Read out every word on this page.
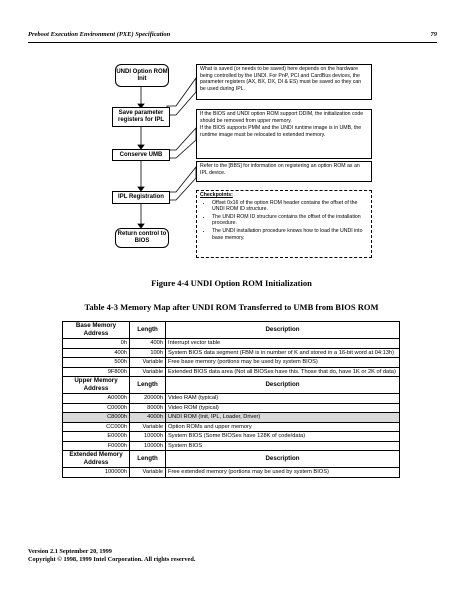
Preboot Execution Environment (PXE) Specification	79
UNDI Option ROM Init
Save parameter registers for IPL
Conserve UMB
IPL Registration
Return control to BIOS
What is saved (or needs to be saved) here depends on the hardware being controlled by the UNDI. For PnP, PCI and CardBus devices, the parameter registers (AX, BX, DX, DI & ES) must be saved so they can be used during IPL.
If the BIOS and UNDI option ROM support DDIM, the initialization code should be removed from upper memory.
If the BIOS supports PMM and the UNDI runtime image is in UMB, the runtime image must be relocated to extended memory.
Refer to the [BBS] for information on registering an option ROM as an IPL device.
Checkpoints:
• Offset 0x16 of the option ROM header contains the offset of the UNDI ROM ID structure.
• The UNDI ROM ID structure contains the offset of the installation procedure.
• The UNDI installation procedure knows how to load the UNDI into base memory.
Figure 4-4 UNDI Option ROM Initialization
Table 4-3 Memory Map after UNDI ROM Transferred to UMB from BIOS ROM
Base Memory Address	Length	Description
0h	400h	Interrupt vector table
400h	100h	System BIOS data segment (FBM is in number of K and stored in a 16-bit word at 04:13h)
500h	Variable	Free base memory (portions may be used by system BIOS)
9F800h	Variable	Extended BIOS data area (Not all BIOSes have this. Those that do, have 1K or 2K of data)
Upper Memory Address	Length	Description
A0000h	20000h	Video RAM (typical)
C0000h	8000h	Video ROM (typical)
C8000h	4000h	UNDI ROM (Init, IPL, Loader, Driver)
CC000h	Variable	Option ROMs and upper memory
E0000h	10000h	System BIOS (Some BIOSes have 128K of code/data)
F0000h	10000h	System BIOS
Extended Memory Address	Length	Description
100000h	Variable	Free extended memory (portions may be used by system BIOS)
Version 2.1 September 20, 1999
Copyright © 1998, 1999 Intel Corporation. All rights reserved.
